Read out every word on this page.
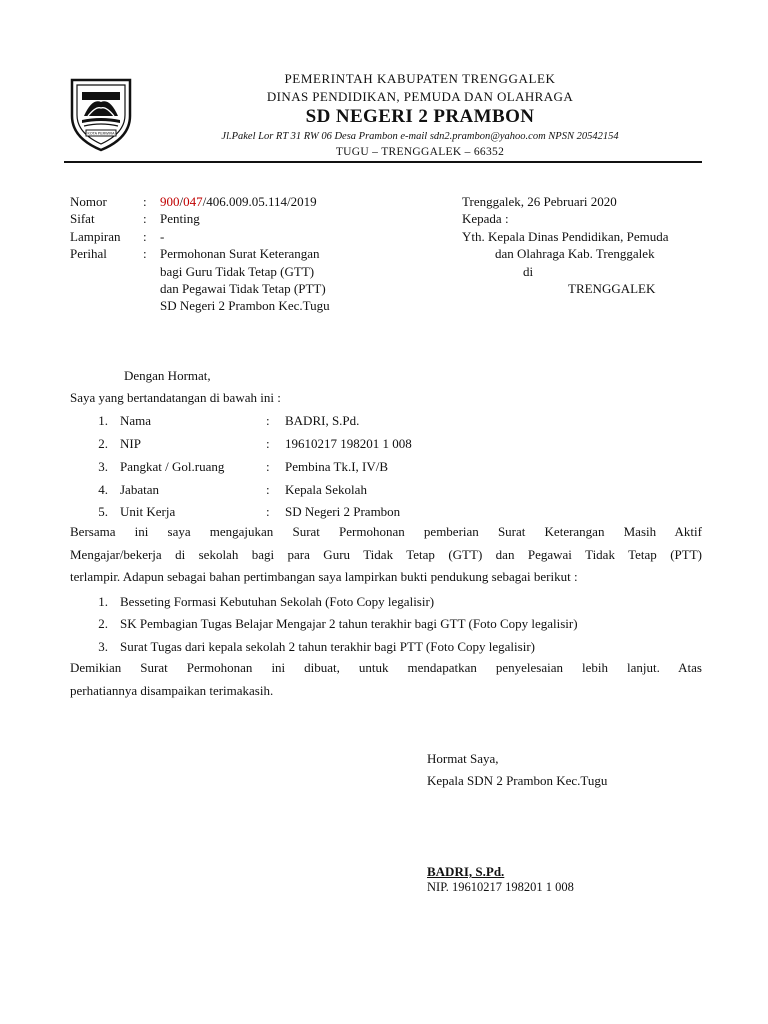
KOTA PERWIRA
PEMERINTAH KABUPATEN TRENGGALEK
DINAS PENDIDIKAN, PEMUDA DAN OLAHRAGA
SD NEGERI 2 PRAMBON
Jl.Pakel Lor RT 31 RW 06 Desa Prambon e-mail sdn2.prambon@yahoo.com NPSN 20542154
TUGU – TRENGGALEK – 66352
Nomor	: 900/047/406.009.05.114/2019
Sifat	: Penting
Lampiran : -
Perihal	: Permohonan Surat Keterangan
bagi Guru Tidak Tetap (GTT)
dan Pegawai Tidak Tetap (PTT)
SD Negeri 2 Prambon Kec.Tugu
Trenggalek, 26 Pebruari 2020
Kepada :
Yth. Kepala Dinas Pendidikan, Pemuda
dan Olahraga Kab. Trenggalek
di
TRENGGALEK
Dengan Hormat,
Saya yang bertandatangan di bawah ini :
1. Nama	: BADRI, S.Pd.
2. NIP	: 19610217 198201 1 008
3. Pangkat / Gol.ruang	: Pembina Tk.I, IV/B
4. Jabatan	: Kepala Sekolah
5. Unit Kerja	: SD Negeri 2 Prambon
Bersama ini saya mengajukan Surat Permohonan pemberian Surat Keterangan Masih Aktif
Mengajar/bekerja di sekolah bagi para Guru Tidak Tetap (GTT) dan Pegawai Tidak Tetap (PTT)
terlampir. Adapun sebagai bahan pertimbangan saya lampirkan bukti pendukung sebagai berikut :
1. Besseting Formasi Kebutuhan Sekolah (Foto Copy legalisir)
2. SK Pembagian Tugas Belajar Mengajar 2 tahun terakhir bagi GTT (Foto Copy legalisir)
3. Surat Tugas dari kepala sekolah 2 tahun terakhir bagi PTT (Foto Copy legalisir)
Demikian Surat Permohonan ini dibuat, untuk mendapatkan penyelesaian lebih lanjut. Atas
perhatiannya disampaikan terimakasih.
Hormat Saya,
Kepala SDN 2 Prambon Kec.Tugu
BADRI, S.Pd.
NIP. 19610217 198201 1 008
